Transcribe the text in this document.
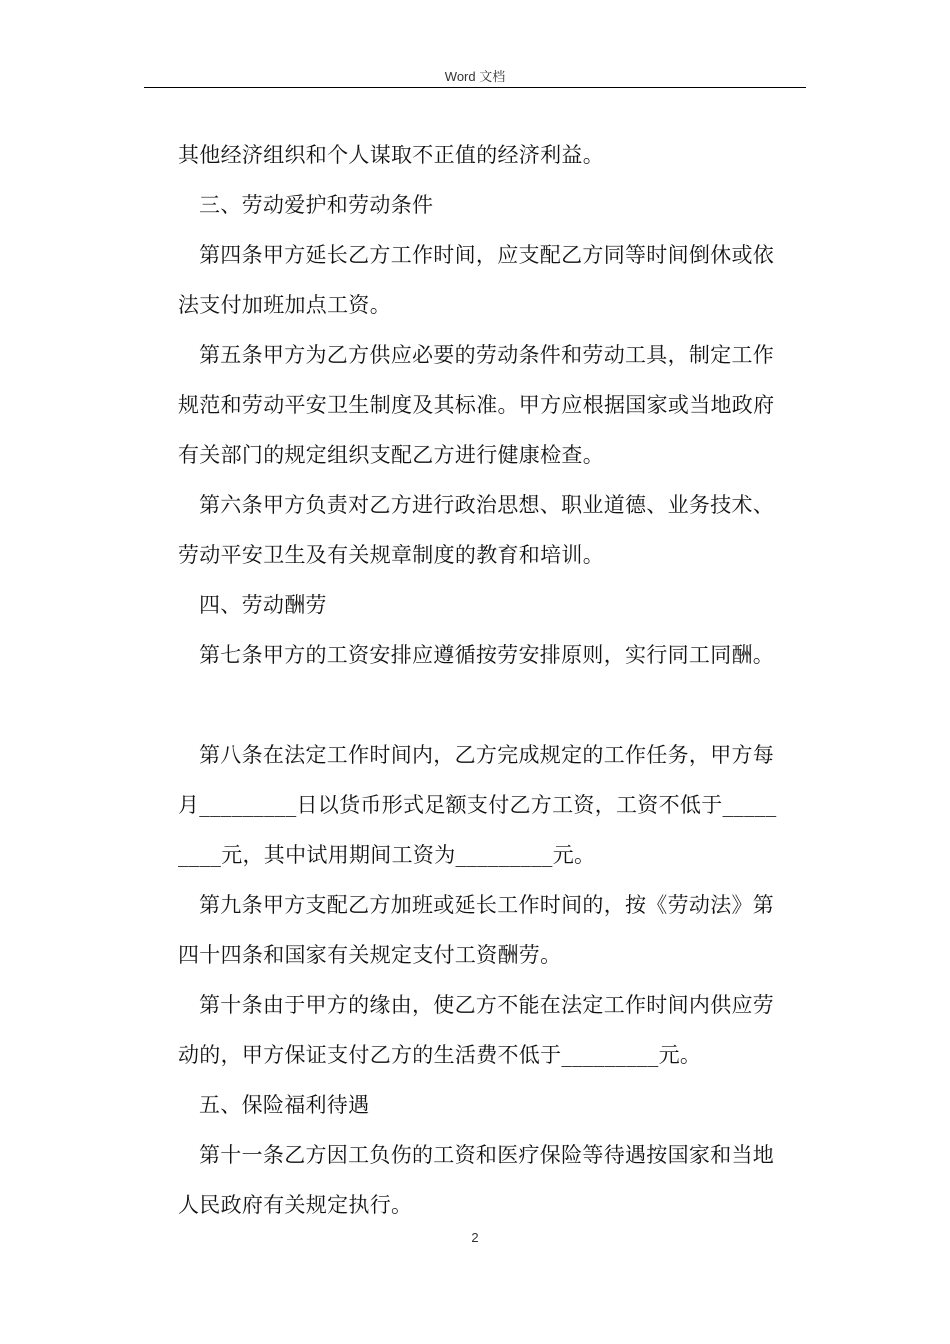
Word 文档
其他经济组织和个人谋取不正值的经济利益。
三、劳动爱护和劳动条件
第四条甲方延长乙方工作时间，应支配乙方同等时间倒休或依
法支付加班加点工资。
第五条甲方为乙方供应必要的劳动条件和劳动工具，制定工作
规范和劳动平安卫生制度及其标准。甲方应根据国家或当地政府
有关部门的规定组织支配乙方进行健康检查。
第六条甲方负责对乙方进行政治思想、职业道德、业务技术、
劳动平安卫生及有关规章制度的教育和培训。
四、劳动酬劳
第七条甲方的工资安排应遵循按劳安排原则，实行同工同酬。
第八条在法定工作时间内，乙方完成规定的工作任务，甲方每
月_________日以货币形式足额支付乙方工资，工资不低于_____
____元，其中试用期间工资为_________元。
第九条甲方支配乙方加班或延长工作时间的，按《劳动法》第
四十四条和国家有关规定支付工资酬劳。
第十条由于甲方的缘由，使乙方不能在法定工作时间内供应劳
动的，甲方保证支付乙方的生活费不低于_________元。
五、保险福利待遇
第十一条乙方因工负伤的工资和医疗保险等待遇按国家和当地
人民政府有关规定执行。
2
